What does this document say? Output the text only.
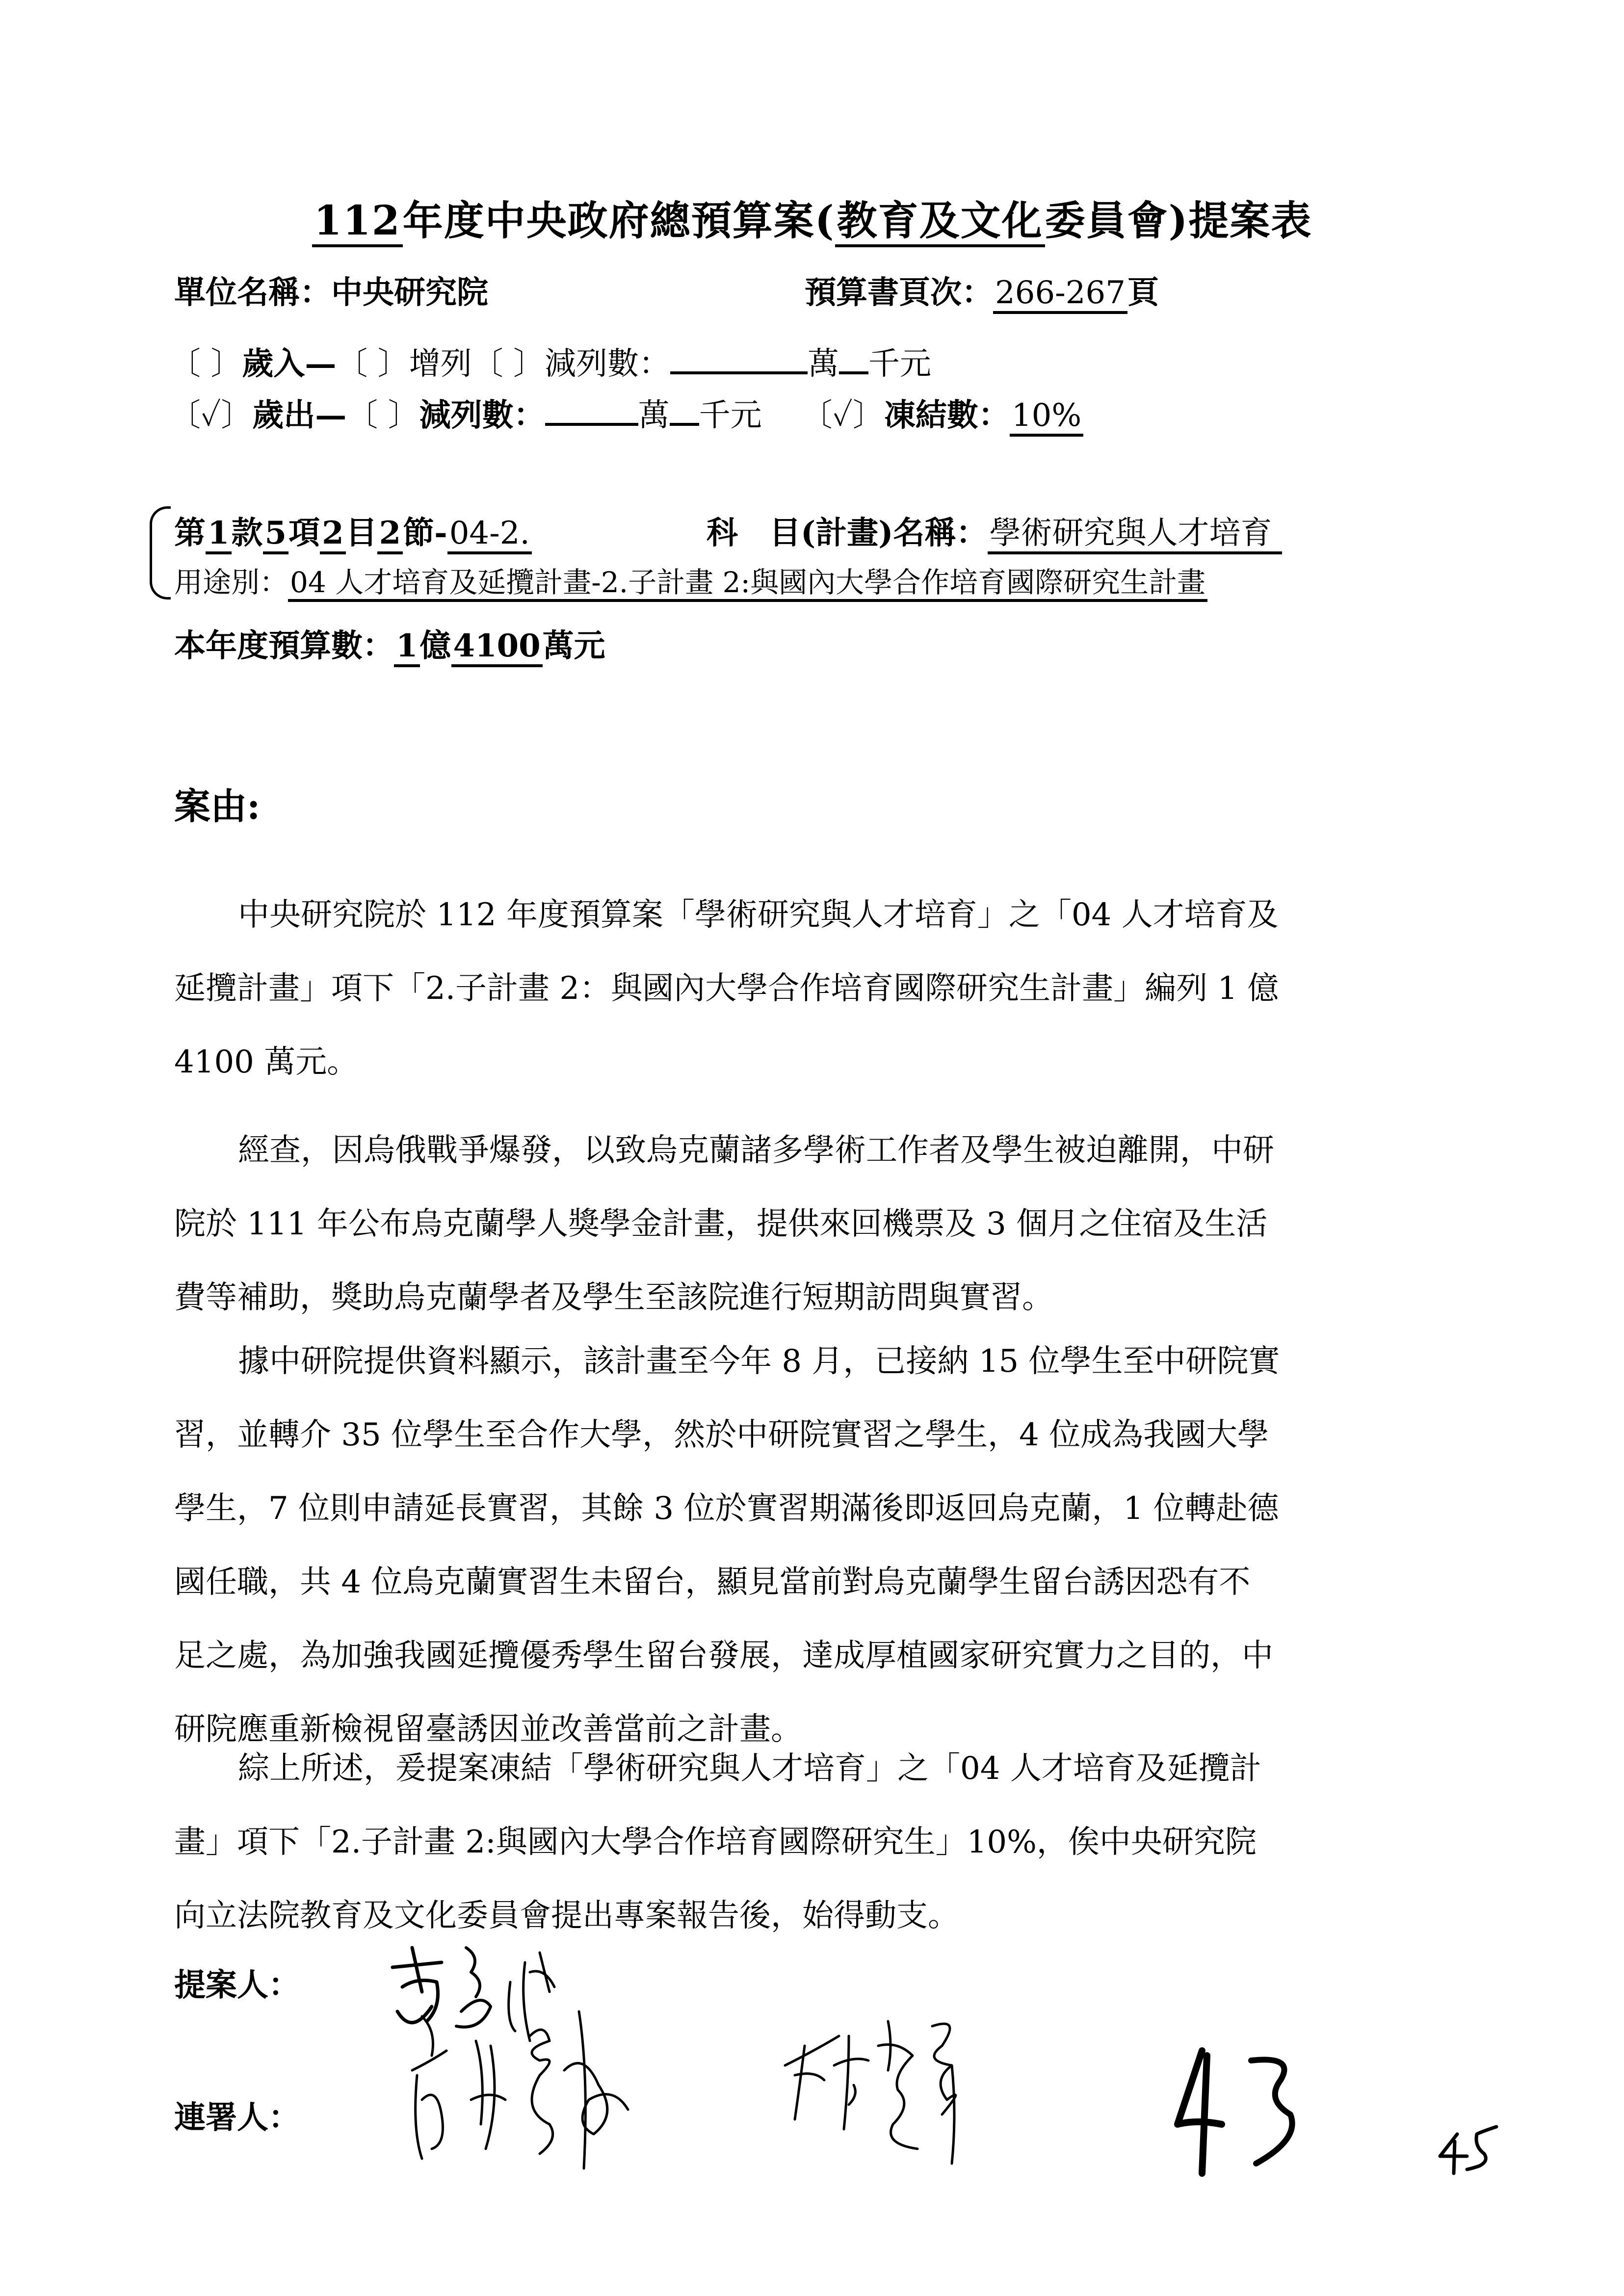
112年度中央政府總預算案(教育及文化委員會)提案表
單位名稱：中央研究院	預算書頁次：266-267頁
〔 〕歲入—〔 〕增列〔 〕減列數：	萬 千元
〔✓〕歲出—〔 〕減列數：	萬 千元 〔✓〕凍結數：10%
第1款5項2目2節-04-2.	科　目(計畫)名稱：學術研究與人才培育
用途別：04 人才培育及延攬計畫-2.子計畫 2:與國內大學合作培育國際研究生計畫
本年度預算數：1億4100萬元
案由:
中央研究院於 112 年度預算案「學術研究與人才培育」之「04 人才培育及
延攬計畫」項下「2.子計畫 2：與國內大學合作培育國際研究生計畫」編列 1 億
4100 萬元。
經查，因烏俄戰爭爆發，以致烏克蘭諸多學術工作者及學生被迫離開，中研
院於 111 年公布烏克蘭學人獎學金計畫，提供來回機票及 3 個月之住宿及生活
費等補助，獎助烏克蘭學者及學生至該院進行短期訪問與實習。
據中研院提供資料顯示，該計畫至今年 8 月，已接納 15 位學生至中研院實
習，並轉介 35 位學生至合作大學，然於中研院實習之學生，4 位成為我國大學
學生，7 位則申請延長實習，其餘 3 位於實習期滿後即返回烏克蘭，1 位轉赴德
國任職，共 4 位烏克蘭實習生未留台，顯見當前對烏克蘭學生留台誘因恐有不
足之處，為加強我國延攬優秀學生留台發展，達成厚植國家研究實力之目的，中
研院應重新檢視留臺誘因並改善當前之計畫。
綜上所述，爰提案凍結「學術研究與人才培育」之「04 人才培育及延攬計
畫」項下「2.子計畫 2:與國內大學合作培育國際研究生」10%，俟中央研究院
向立法院教育及文化委員會提出專案報告後，始得動支。
提案人：
連署人：
